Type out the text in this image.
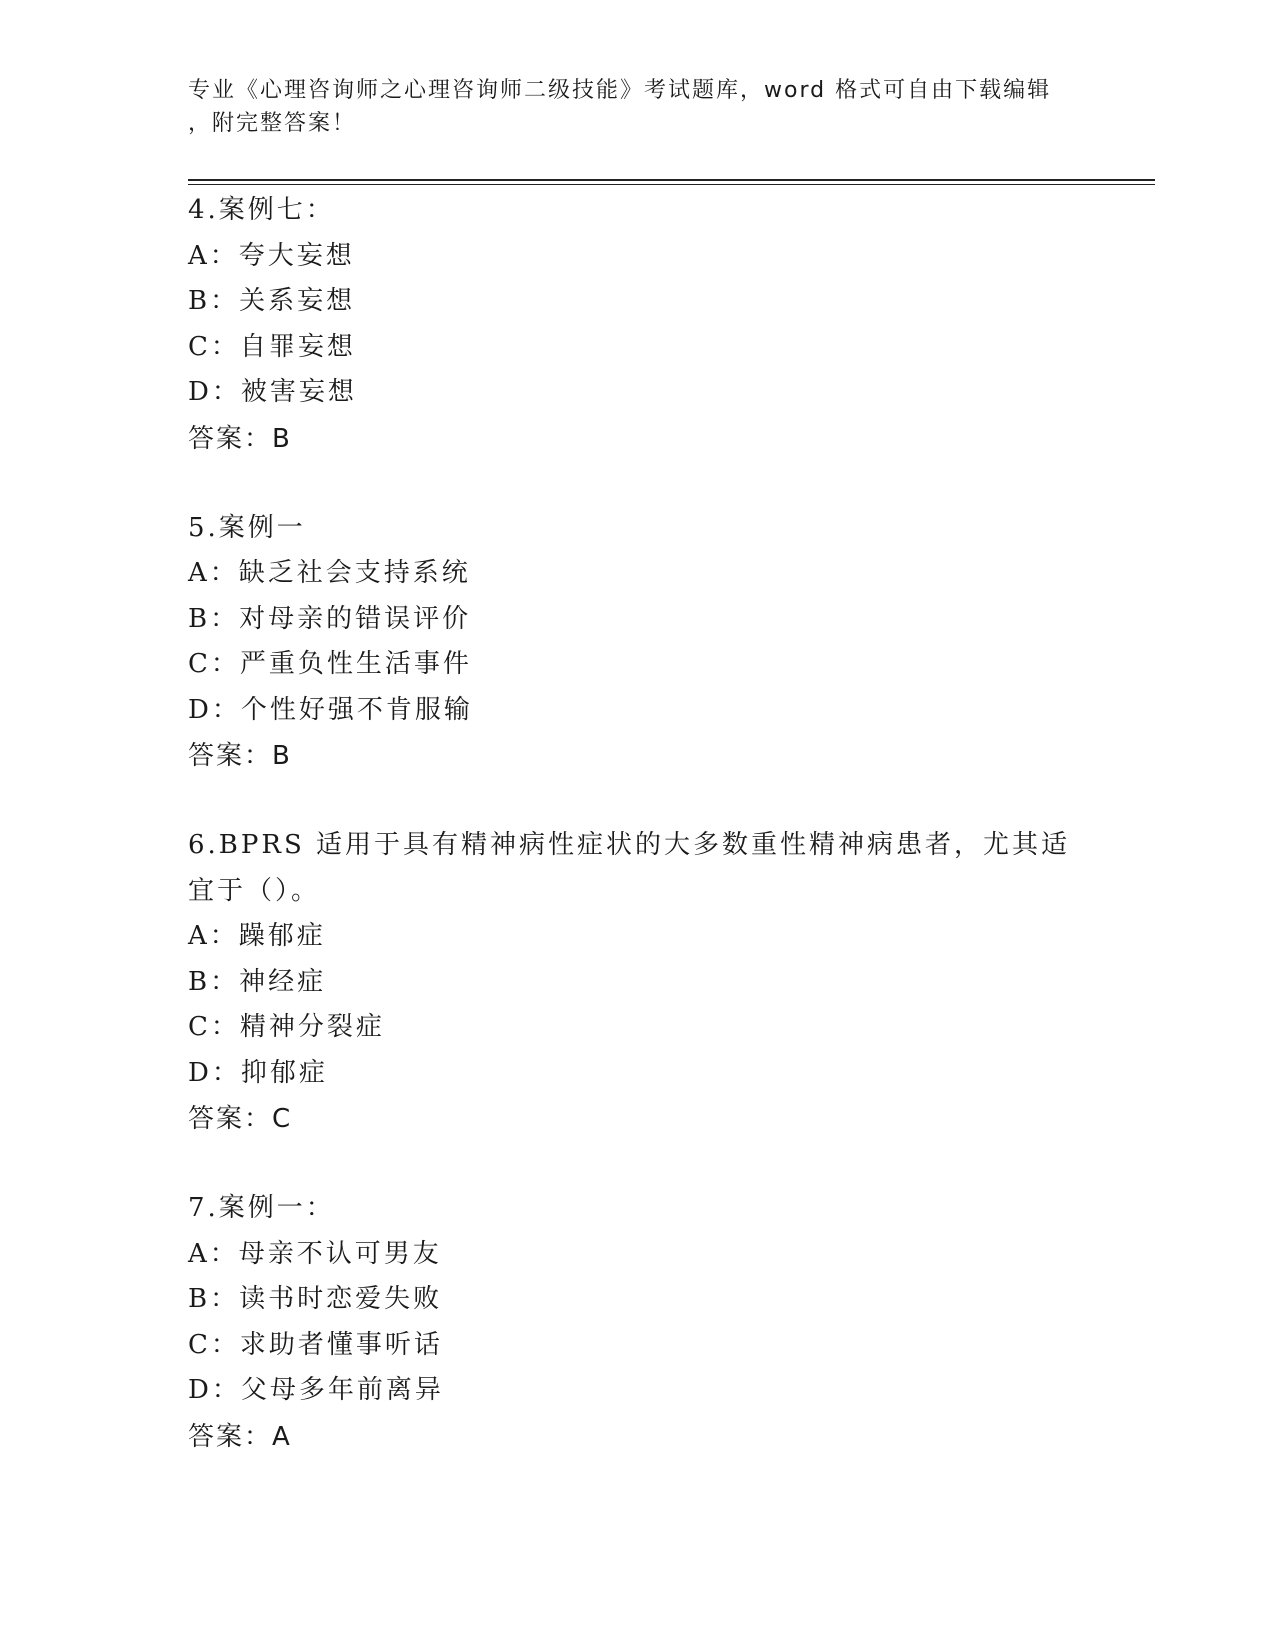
专业《心理咨询师之心理咨询师二级技能》考试题库，word 格式可自由下载编辑
，附完整答案！
4.案例七：
A：夸大妄想
B：关系妄想
C：自罪妄想
D：被害妄想
答案：B
5.案例一
A：缺乏社会支持系统
B：对母亲的错误评价
C：严重负性生活事件
D：个性好强不肯服输
答案：B
6.BPRS 适用于具有精神病性症状的大多数重性精神病患者，尤其适宜于（）。
A：躁郁症
B：神经症
C：精神分裂症
D：抑郁症
答案：C
7.案例一：
A：母亲不认可男友
B：读书时恋爱失败
C：求助者懂事听话
D：父母多年前离异
答案：A
